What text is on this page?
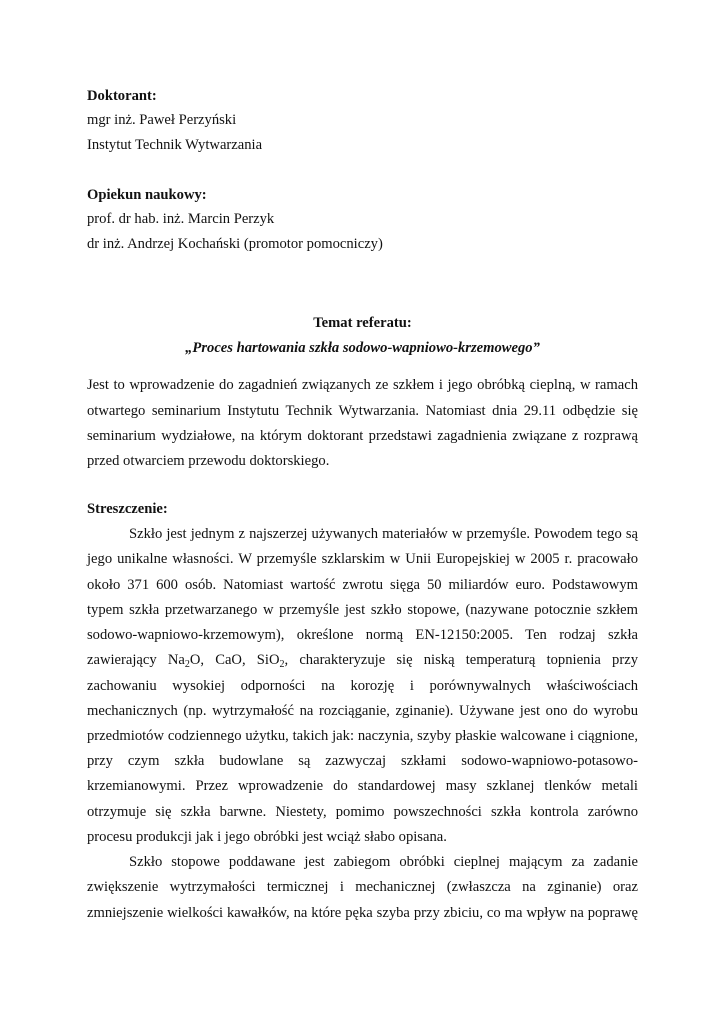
Doktorant:
mgr inż. Paweł Perzyński
Instytut Technik Wytwarzania
Opiekun naukowy:
prof. dr hab. inż. Marcin Perzyk
dr inż. Andrzej Kochański (promotor pomocniczy)
Temat referatu:
„Proces hartowania szkła sodowo-wapniowo-krzemowego”
Jest to wprowadzenie do zagadnień związanych ze szkłem i jego obróbką cieplną, w ramach
otwartego seminarium Instytutu Technik Wytwarzania. Natomiast dnia 29.11 odbędzie się
seminarium wydziałowe, na którym doktorant przedstawi zagadnienia związane z rozprawą
przed otwarciem przewodu doktorskiego.
Streszczenie:
Szkło jest jednym z najszerzej używanych materiałów w przemyśle. Powodem tego są
jego unikalne własności. W przemyśle szklarskim w Unii Europejskiej w 2005 r. pracowało
około 371 600 osób. Natomiast wartość zwrotu sięga 50 miliardów euro. Podstawowym
typem szkła przetwarzanego w przemyśle jest szkło stopowe, (nazywane potocznie szkłem
sodowo-wapniowo-krzemowym), określone normą EN-12150:2005. Ten rodzaj szkła
zawierający $Na_2O$, CaO, SiO$_2$, charakteryzuje się niską temperaturą topnienia przy
zachowaniu wysokiej odporności na korozję i porównywalnych właściwościach
mechanicznych (np. wytrzymałość na rozciąganie, zginanie). Używane jest ono do wyrobu
przedmiotów codziennego użytku, takich jak: naczynia, szyby płaskie walcowane i ciągnione,
przy czym szkła budowlane są zazwyczaj szkłami sodowo-wapniowo-potasowo-
krzemianowymi. Przez wprowadzenie do standardowej masy szklanej tlenków metali
otrzymuje się szkła barwne. Niestety, pomimo powszechności szkła kontrola zarówno
procesu produkcji jak i jego obróbki jest wciąż słabo opisana.
Szkło stopowe poddawane jest zabiegom obróbki cieplnej mającym za zadanie
zwiększenie wytrzymałości termicznej i mechanicznej (zwłaszcza na zginanie) oraz
zmniejszenie wielkości kawałków, na które pęka szyba przy zbiciu, co ma wpływ na poprawę
